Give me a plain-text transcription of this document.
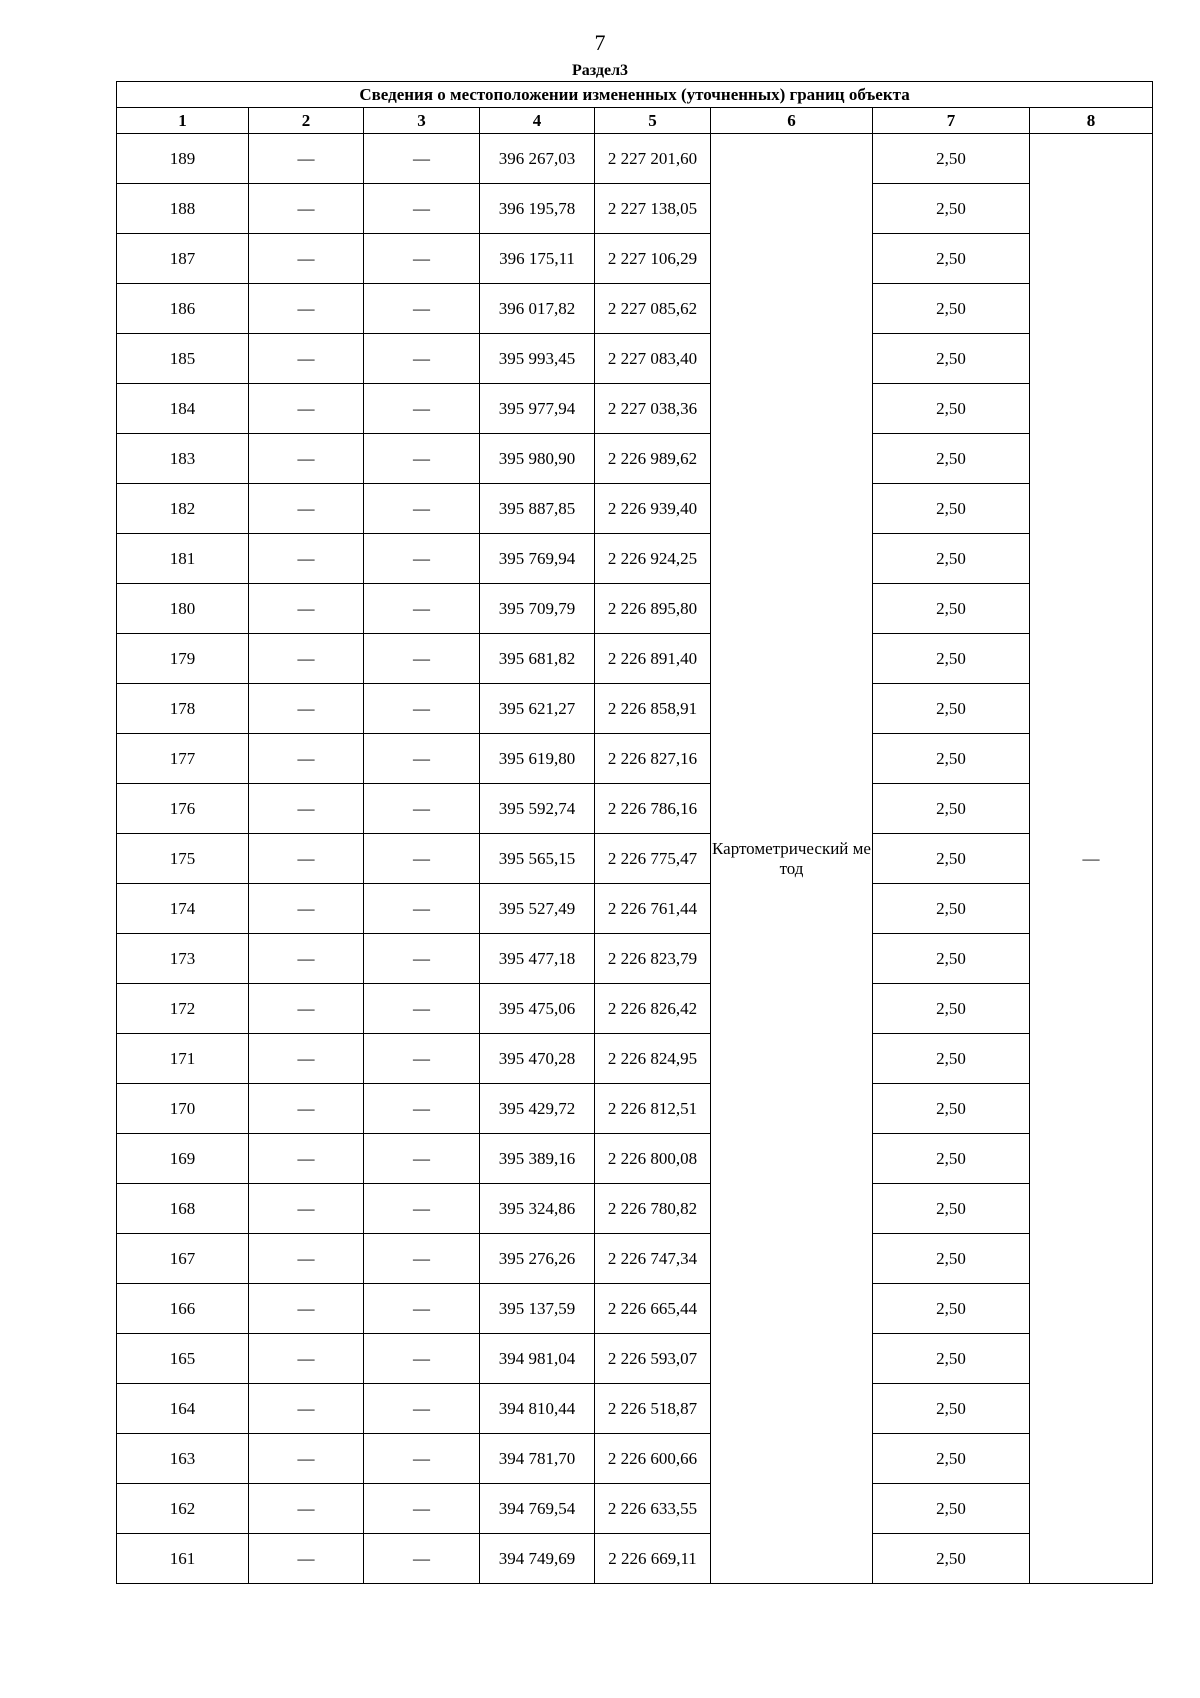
7
Раздел3
Сведения о местоположении измененных (уточненных) границ объекта							
1	2	3	4	5	6	7	8
189	—	—	396 267,03	2 227 201,60	Картометрический метод	2,50	—
188	—	—	396 195,78	2 227 138,05		2,50	
187	—	—	396 175,11	2 227 106,29		2,50	
186	—	—	396 017,82	2 227 085,62		2,50	
185	—	—	395 993,45	2 227 083,40		2,50	
184	—	—	395 977,94	2 227 038,36		2,50	
183	—	—	395 980,90	2 226 989,62		2,50	
182	—	—	395 887,85	2 226 939,40		2,50	
181	—	—	395 769,94	2 226 924,25		2,50	
180	—	—	395 709,79	2 226 895,80		2,50	
179	—	—	395 681,82	2 226 891,40		2,50	
178	—	—	395 621,27	2 226 858,91		2,50	
177	—	—	395 619,80	2 226 827,16		2,50	
176	—	—	395 592,74	2 226 786,16		2,50	
175	—	—	395 565,15	2 226 775,47		2,50	
174	—	—	395 527,49	2 226 761,44		2,50	
173	—	—	395 477,18	2 226 823,79		2,50	
172	—	—	395 475,06	2 226 826,42		2,50	
171	—	—	395 470,28	2 226 824,95		2,50	
170	—	—	395 429,72	2 226 812,51		2,50	
169	—	—	395 389,16	2 226 800,08		2,50	
168	—	—	395 324,86	2 226 780,82		2,50	
167	—	—	395 276,26	2 226 747,34		2,50	
166	—	—	395 137,59	2 226 665,44		2,50	
165	—	—	394 981,04	2 226 593,07		2,50	
164	—	—	394 810,44	2 226 518,87		2,50	
163	—	—	394 781,70	2 226 600,66		2,50	
162	—	—	394 769,54	2 226 633,55		2,50	
161	—	—	394 749,69	2 226 669,11		2,50	
